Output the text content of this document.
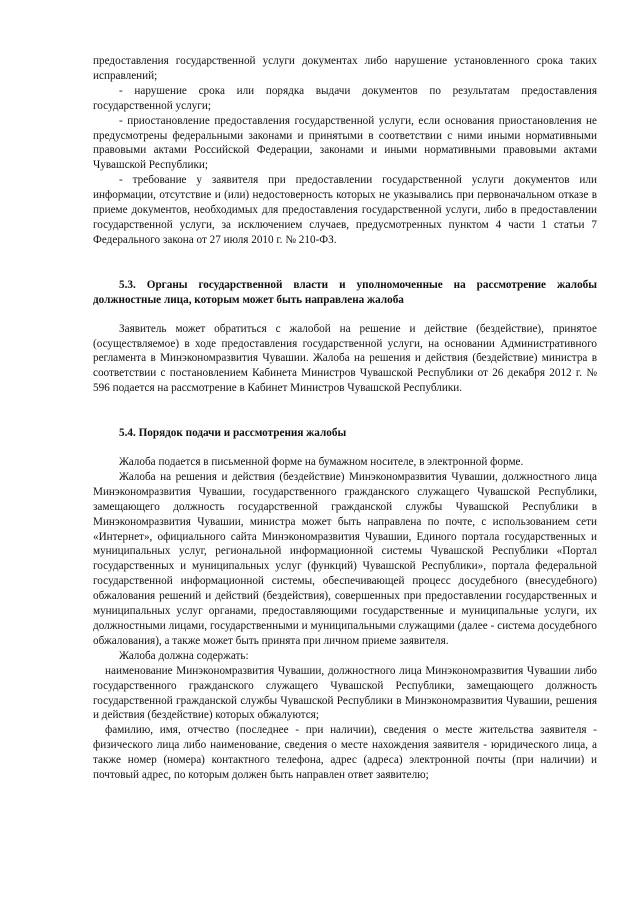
предоставления государственной услуги документах либо нарушение установленного срока таких исправлений;

- нарушение срока или порядка выдачи документов по результатам предоставления государственной услуги;

- приостановление предоставления государственной услуги, если основания приостановления не предусмотрены федеральными законами и принятыми в соответствии с ними иными нормативными правовыми актами Российской Федерации, законами и иными нормативными правовыми актами Чувашской Республики;

- требование у заявителя при предоставлении государственной услуги документов или информации, отсутствие и (или) недостоверность которых не указывались при первоначальном отказе в приеме документов, необходимых для предоставления государственной услуги, либо в предоставлении государственной услуги, за исключением случаев, предусмотренных пунктом 4 части 1 статьи 7 Федерального закона от 27 июля 2010 г. № 210-ФЗ.

5.3. Органы государственной власти и уполномоченные на рассмотрение жалобы должностные лица, которым может быть направлена жалоба

Заявитель может обратиться с жалобой на решение и действие (бездействие), принятое (осуществляемое) в ходе предоставления государственной услуги, на основании Административного регламента в Минэкономразвития Чувашии. Жалоба на решения и действия (бездействие) министра в соответствии с постановлением Кабинета Министров Чувашской Республики от 26 декабря 2012 г. № 596 подается на рассмотрение в Кабинет Министров Чувашской Республики.

5.4. Порядок подачи и рассмотрения жалобы

Жалоба подается в письменной форме на бумажном носителе, в электронной форме.

Жалоба на решения и действия (бездействие) Минэкономразвития Чувашии, должностного лица Минэкономразвития Чувашии, государственного гражданского служащего Чувашской Республики, замещающего должность государственной гражданской службы Чувашской Республики в Минэкономразвития Чувашии, министра может быть направлена по почте, с использованием сети «Интернет», официального сайта Минэкономразвития Чувашии, Единого портала государственных и муниципальных услуг, региональной информационной системы Чувашской Республики «Портал государственных и муниципальных услуг (функций) Чувашской Республики», портала федеральной государственной информационной системы, обеспечивающей процесс досудебного (внесудебного) обжалования решений и действий (бездействия), совершенных при предоставлении государственных и муниципальных услуг органами, предоставляющими государственные и муниципальные услуги, их должностными лицами, государственными и муниципальными служащими (далее - система досудебного обжалования), а также может быть принята при личном приеме заявителя.

Жалоба должна содержать:

наименование Минэкономразвития Чувашии, должностного лица Минэкономразвития Чувашии либо государственного гражданского служащего Чувашской Республики, замещающего должность государственной гражданской службы Чувашской Республики в Минэкономразвития Чувашии, решения и действия (бездействие) которых обжалуются;

фамилию, имя, отчество (последнее - при наличии), сведения о месте жительства заявителя - физического лица либо наименование, сведения о месте нахождения заявителя - юридического лица, а также номер (номера) контактного телефона, адрес (адреса) электронной почты (при наличии) и почтовый адрес, по которым должен быть направлен ответ заявителю;
